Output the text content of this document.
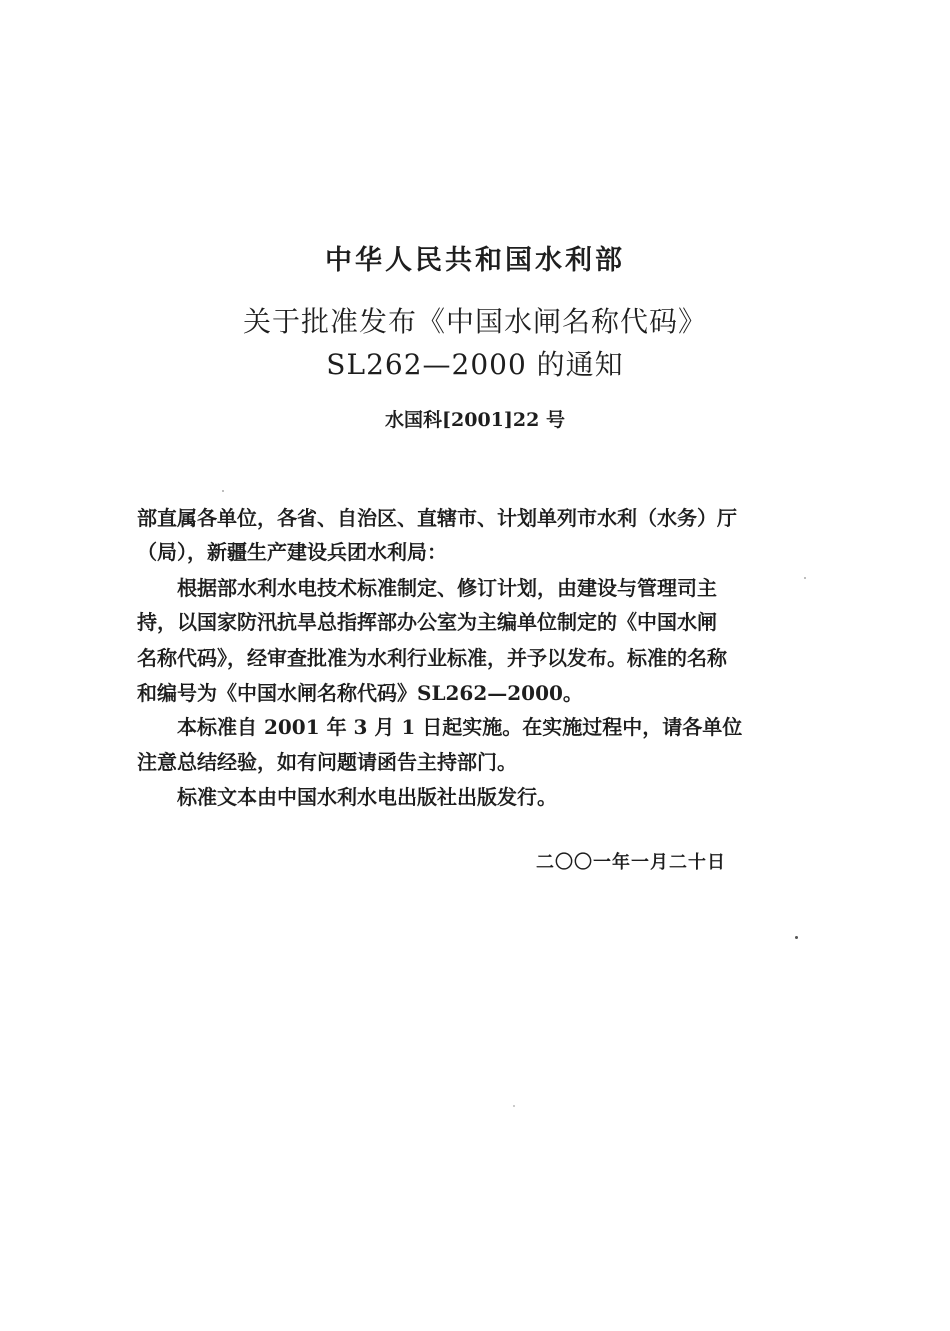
中华人民共和国水利部
关于批准发布《中国水闸名称代码》
SL262—2000 的通知
水国科[2001]22 号
部直属各单位，各省、自治区、直辖市、计划单列市水利（水务）厅
（局），新疆生产建设兵团水利局：
根据部水利水电技术标准制定、修订计划，由建设与管理司主
持，以国家防汛抗旱总指挥部办公室为主编单位制定的《中国水闸
名称代码》，经审查批准为水利行业标准，并予以发布。标准的名称
和编号为《中国水闸名称代码》SL262—2000。
本标准自 2001 年 3 月 1 日起实施。在实施过程中，请各单位
注意总结经验，如有问题请函告主持部门。
标准文本由中国水利水电出版社出版发行。
二〇〇一年一月二十日
